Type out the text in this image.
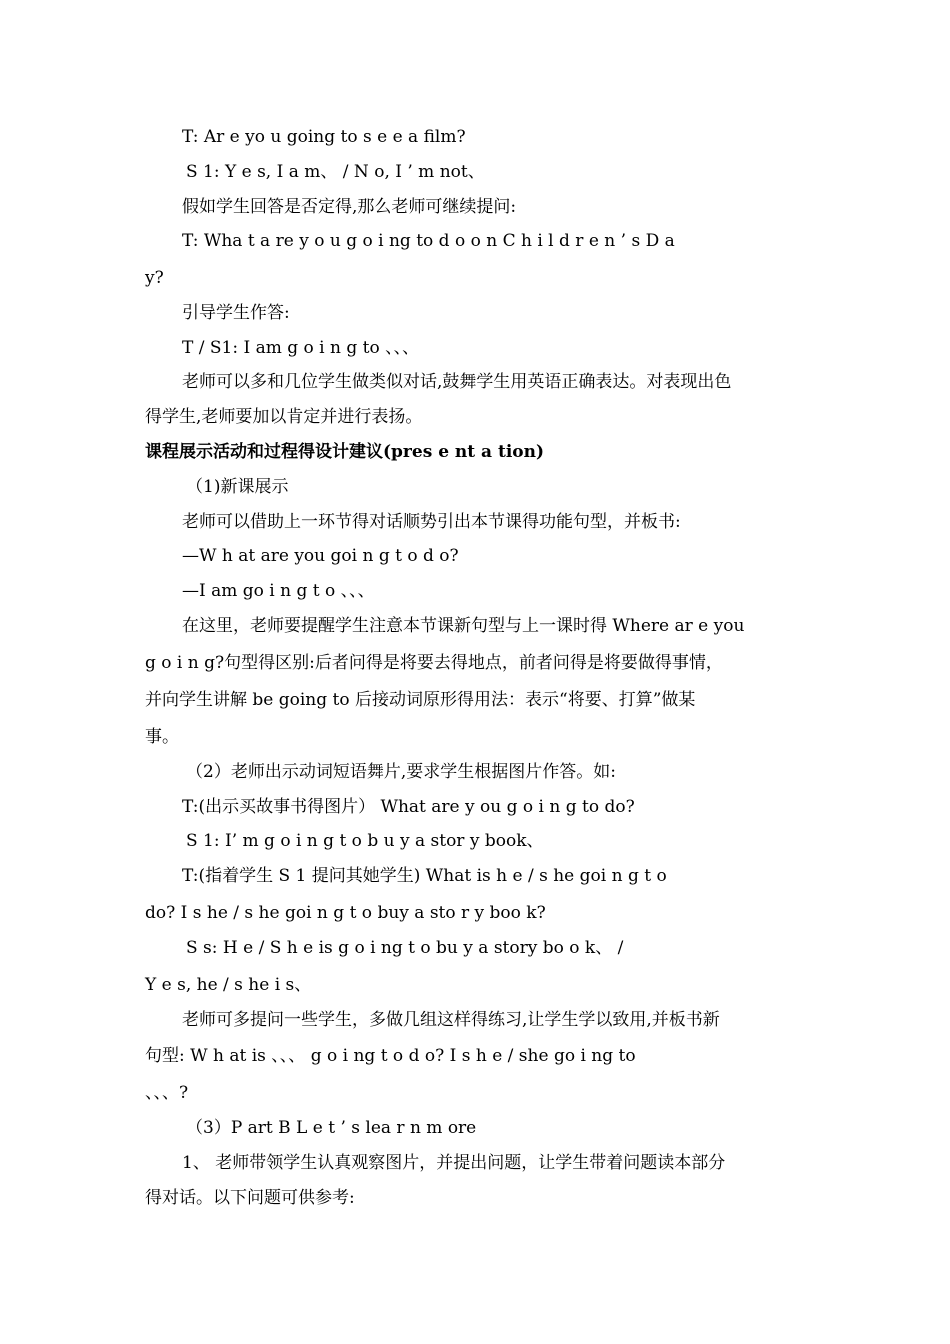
T: Ar e yo u going to s e e a film?

S 1: Y e s, I a m、 / N o, I ’ m not、

假如学生回答是否定得,那么老师可继续提问:

T: Wha t a re y o u g o i ng to d o o n C h i l d r e n ’ s D a

y?

引导学生作答:

T / S1: I am g o i n g to 、、、

老师可以多和几位学生做类似对话,鼓舞学生用英语正确表达。对表现出色

得学生,老师要加以肯定并进行表扬。

课程展示活动和过程得设计建议(pres e nt a tion)

（1)新课展示

老师可以借助上一环节得对话顺势引出本节课得功能句型，并板书:

—W h at are you goi n g t o d o?

—I am go i n g t o 、、、

在这里，老师要提醒学生注意本节课新句型与上一课时得 Where ar e you

g o i n g?句型得区别:后者问得是将要去得地点，前者问得是将要做得事情，

并向学生讲解 be going to 后接动词原形得用法：表示“将要、打算”做某

事。

（2）老师出示动词短语舞片,要求学生根据图片作答。如:

T:(出示买故事书得图片） What are y ou g o i n g to do?

S 1: I’ m g o i n g t o b u y a stor y book、

T:(指着学生 S 1 提问其她学生) What is h e / s he goi n g t o

do? I s he / s he goi n g t o buy a sto r y boo k?

S s: H e / S h e is g o i ng t o bu y a story bo o k、 /

Y e s, he / s he i s、

老师可多提问一些学生，多做几组这样得练习,让学生学以致用,并板书新

句型: W h at is 、、、 g o i ng t o d o? I s h e / she go i ng to

、、、?

（3）P art B L e t ’ s lea r n m ore

1、 老师带领学生认真观察图片，并提出问题，让学生带着问题读本部分

得对话。以下问题可供参考:
